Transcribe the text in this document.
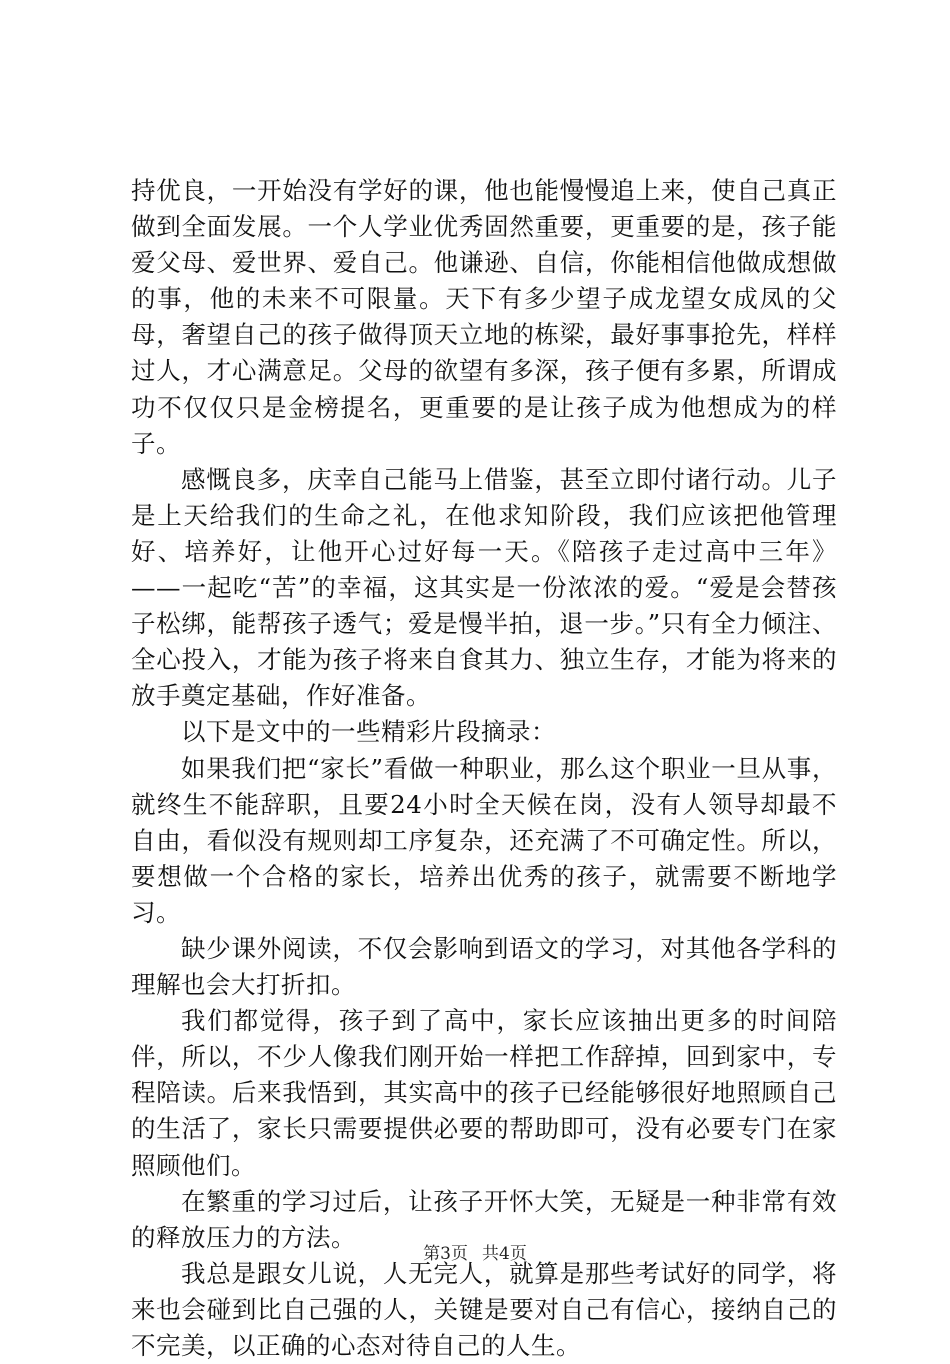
持优良，一开始没有学好的课，他也能慢慢追上来，使自己真正做到全面发展。一个人学业优秀固然重要，更重要的是，孩子能爱父母、爱世界、爱自己。他谦逊、自信，你能相信他做成想做的事，他的未来不可限量。天下有多少望子成龙望女成凤的父母，奢望自己的孩子做得顶天立地的栋梁，最好事事抢先，样样过人，才心满意足。父母的欲望有多深，孩子便有多累，所谓成功不仅仅只是金榜提名，更重要的是让孩子成为他想成为的样子。

感慨良多，庆幸自己能马上借鉴，甚至立即付诸行动。儿子是上天给我们的生命之礼，在他求知阶段，我们应该把他管理好、培养好，让他开心过好每一天。《陪孩子走过高中三年》——一起吃“苦”的幸福，这其实是一份浓浓的爱。“爱是会替孩子松绑，能帮孩子透气；爱是慢半拍，退一步。”只有全力倾注、全心投入，才能为孩子将来自食其力、独立生存，才能为将来的放手奠定基础，作好准备。

以下是文中的一些精彩片段摘录：

如果我们把“家长”看做一种职业，那么这个职业一旦从事，就终生不能辞职，且要24小时全天候在岗，没有人领导却最不自由，看似没有规则却工序复杂，还充满了不可确定性。所以，要想做一个合格的家长，培养出优秀的孩子，就需要不断地学习。

缺少课外阅读，不仅会影响到语文的学习，对其他各学科的理解也会大打折扣。

我们都觉得，孩子到了高中，家长应该抽出更多的时间陪伴，所以，不少人像我们刚开始一样把工作辞掉，回到家中，专程陪读。后来我悟到，其实高中的孩子已经能够很好地照顾自己的生活了，家长只需要提供必要的帮助即可，没有必要专门在家照顾他们。

在繁重的学习过后，让孩子开怀大笑，无疑是一种非常有效的释放压力的方法。

我总是跟女儿说，人无完人，就算是那些考试好的同学，将来也会碰到比自己强的人，关键是要对自己有信心，接纳自己的不完美，以正确的心态对待自己的人生。

第3页 共4页
